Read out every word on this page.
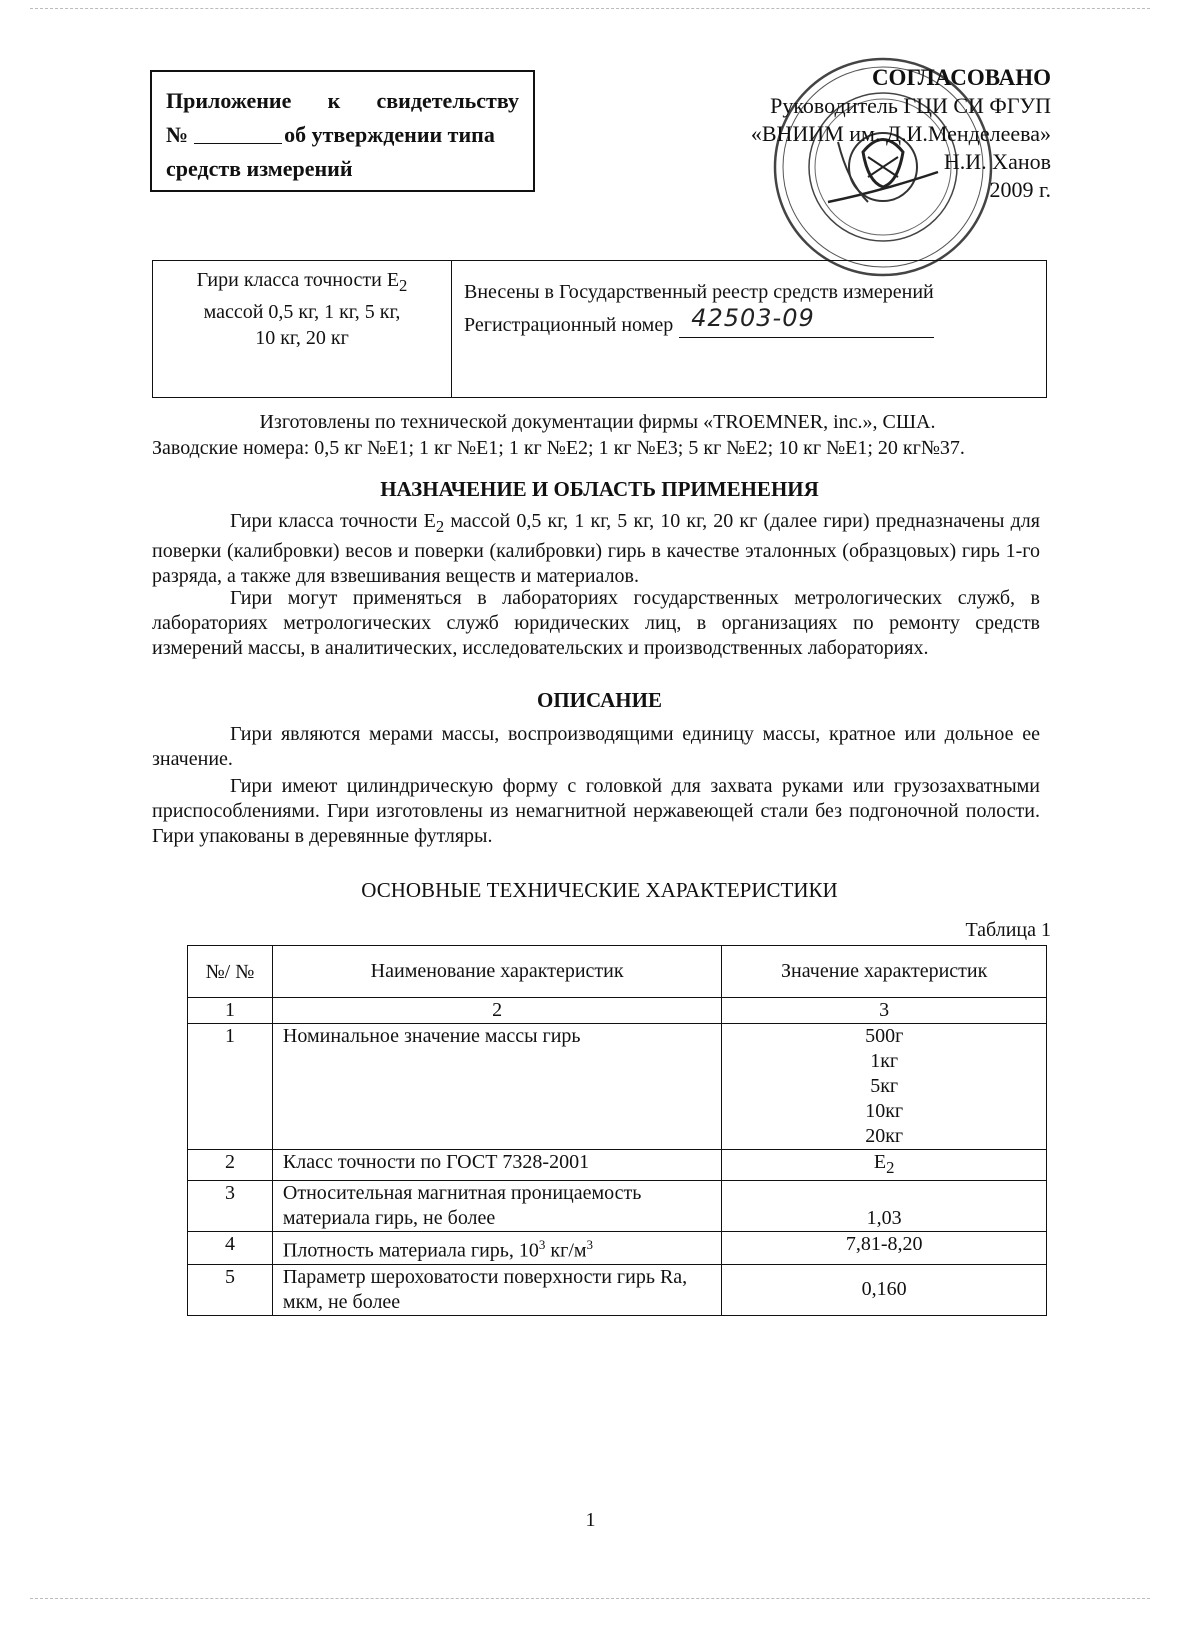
Приложение к свидетельству
№	об утверждении типа
средств измерений
СОГЛАСОВАНО
Руководитель ГЦИ СИ ФГУП
«ВНИИМ им. Д.И.Менделеева»
Н.И. Ханов
2009 г.
Гири класса точности $Е_2$
массой 0,5 кг, 1 кг, 5 кг,
10 кг, 20 кг
Внесены в Государственный реестр средств измерений
Регистрационный номер 42503-09
Изготовлены по технической документации фирмы «TROEMNER, inc.», США.
Заводские номера: 0,5 кг №Е1; 1 кг №Е1; 1 кг №Е2; 1 кг №Е3; 5 кг №Е2; 10 кг №Е1; 20 кг№37.
НАЗНАЧЕНИЕ И ОБЛАСТЬ ПРИМЕНЕНИЯ
Гири класса точности $Е_2$ массой 0,5 кг, 1 кг, 5 кг, 10 кг, 20 кг (далее гири) предназначены для поверки (калибровки) весов и поверки (калибровки) гирь в качестве эталонных (образцовых) гирь 1-го разряда, а также для взвешивания веществ и материалов.
Гири могут применяться в лабораториях государственных метрологических служб, в лабораториях метрологических служб юридических лиц, в организациях по ремонту средств измерений массы, в аналитических, исследовательских и производственных лабораториях.
ОПИСАНИЕ
Гири являются мерами массы, воспроизводящими единицу массы, кратное или дольное ее значение.
Гири имеют цилиндрическую форму с головкой для захвата руками или грузозахватными приспособлениями. Гири изготовлены из немагнитной нержавеющей стали без подгоночной полости. Гири упакованы в деревянные футляры.
ОСНОВНЫЕ ТЕХНИЧЕСКИЕ ХАРАКТЕРИСТИКИ
Таблица 1
№/ №	Наименование характеристик	Значение характеристик
1	2	3
1	Номинальное значение массы гирь	500г
1кг
5кг
10кг
20кг

2	Класс точности по ГОСТ 7328-2001	$Е_2$
3	Относительная магнитная проницаемость материала гирь, не более	1,03
4	Плотность материала гирь, $10^3$ $кг/м^3$	7,81-8,20
5	Параметр шероховатости поверхности гирь Ra, мкм, не более	0,160
1
